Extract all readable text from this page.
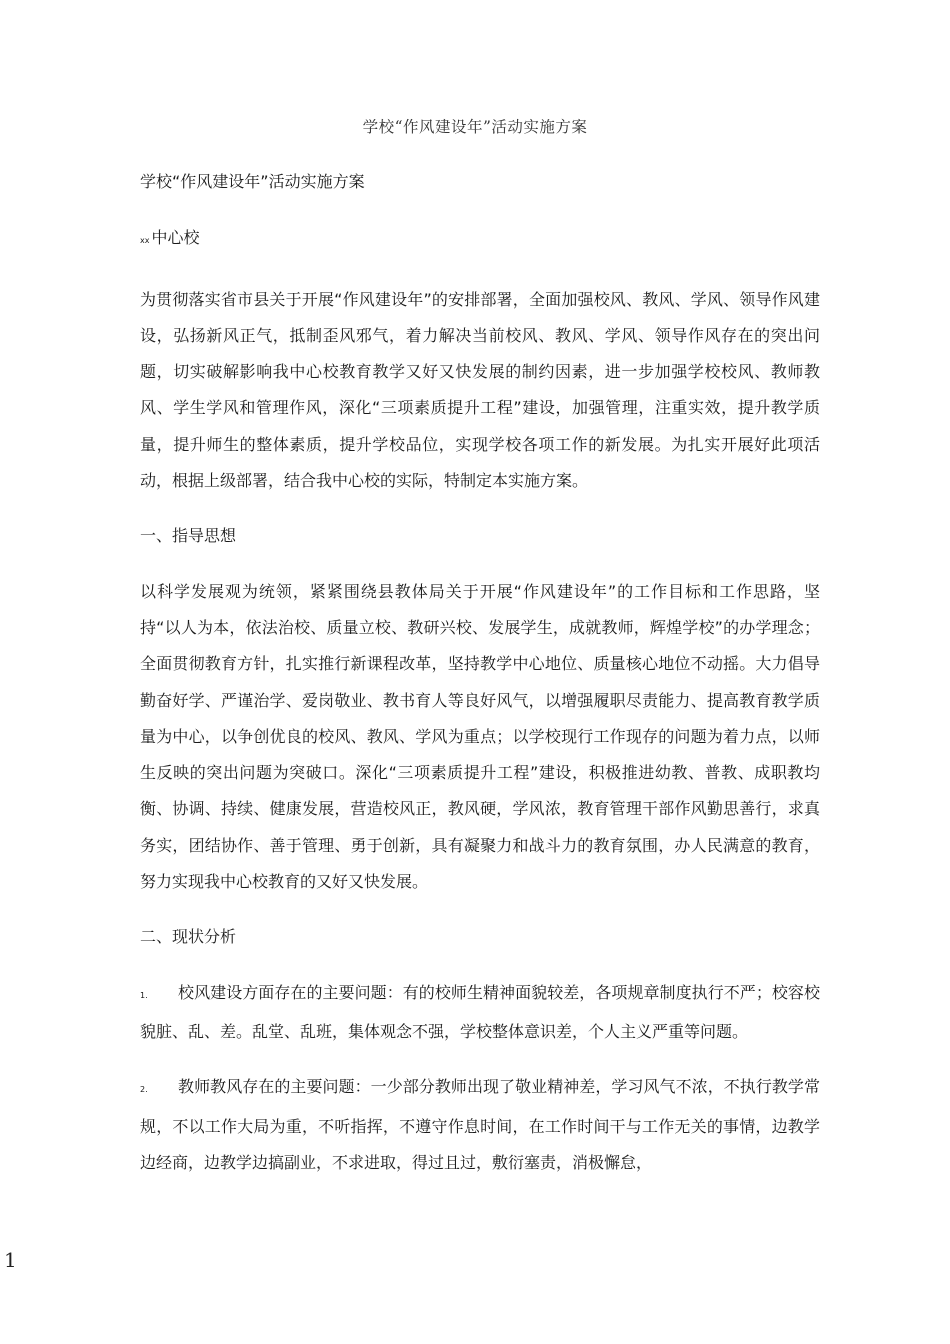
学校“作风建设年”活动实施方案

学校“作风建设年”活动实施方案

xx 中心校

为贯彻落实省市县关于开展“作风建设年”的安排部署，全面加强校风、教风、学风、领导作风建设，弘扬新风正气，抵制歪风邪气，着力解决当前校风、教风、学风、领导作风存在的突出问题，切实破解影响我中心校教育教学又好又快发展的制约因素，进一步加强学校校风、教师教风、学生学风和管理作风，深化“三项素质提升工程”建设，加强管理，注重实效，提升教学质量，提升师生的整体素质，提升学校品位，实现学校各项工作的新发展。为扎实开展好此项活动，根据上级部署，结合我中心校的实际，特制定本实施方案。

一、指导思想

以科学发展观为统领，紧紧围绕县教体局关于开展“作风建设年”的工作目标和工作思路，坚持“以人为本，依法治校、质量立校、教研兴校、发展学生，成就教师，辉煌学校”的办学理念；全面贯彻教育方针，扎实推行新课程改革，坚持教学中心地位、质量核心地位不动摇。大力倡导勤奋好学、严谨治学、爱岗敬业、教书育人等良好风气，以增强履职尽责能力、提高教育教学质量为中心，以争创优良的校风、教风、学风为重点；以学校现行工作现存的问题为着力点，以师生反映的突出问题为突破口。深化“三项素质提升工程”建设，积极推进幼教、普教、成职教均衡、协调、持续、健康发展，营造校风正，教风硬，学风浓，教育管理干部作风勤思善行，求真务实，团结协作、善于管理、勇于创新，具有凝聚力和战斗力的教育氛围，办人民满意的教育，努力实现我中心校教育的又好又快发展。

二、现状分析

1. 校风建设方面存在的主要问题：有的校师生精神面貌较差，各项规章制度执行不严；校容校貌脏、乱、差。乱堂、乱班，集体观念不强，学校整体意识差，个人主义严重等问题。

2. 教师教风存在的主要问题：一少部分教师出现了敬业精神差，学习风气不浓，不执行教学常规，不以工作大局为重，不听指挥，不遵守作息时间，在工作时间干与工作无关的事情，边教学边经商，边教学边搞副业，不求进取，得过且过，敷衍塞责，消极懈怠，

1
